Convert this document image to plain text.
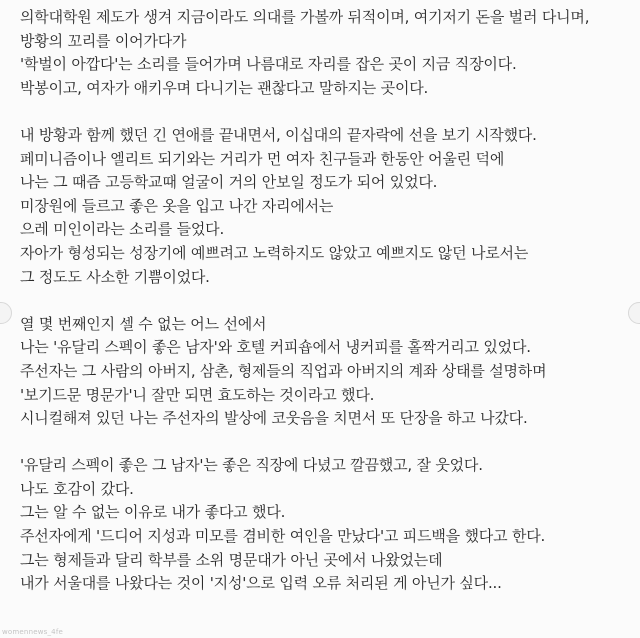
의학대학원 제도가 생겨 지금이라도 의대를 가볼까 뒤적이며, 여기저기 돈을 벌러 다니며,
방황의 꼬리를 이어가다가
'학벌이 아깝다'는 소리를 들어가며 나름대로 자리를 잡은 곳이 지금 직장이다.
박봉이고, 여자가 애키우며 다니기는 괜찮다고 말하지는 곳이다.
내 방황과 함께 했던 긴 연애를 끝내면서, 이십대의 끝자락에 선을 보기 시작했다.
페미니즘이나 엘리트 되기와는 거리가 먼 여자 친구들과 한동안 어울린 덕에
나는 그 때즘 고등학교때 얼굴이 거의 안보일 정도가 되어 있었다.
미장원에 들르고 좋은 옷을 입고 나간 자리에서는
으레 미인이라는 소리를 들었다.
자아가 형성되는 성장기에 예쁘려고 노력하지도 않았고 예쁘지도 않던 나로서는
그 정도도 사소한 기쁨이었다.
열 몇 번째인지 셀 수 없는 어느 선에서
나는 '유달리 스펙이 좋은 남자'와 호텔 커피숍에서 냉커피를 홀짝거리고 있었다.
주선자는 그 사람의 아버지, 삼촌, 형제들의 직업과 아버지의 계좌 상태를 설명하며
'보기드문 명문가'니 잘만 되면 효도하는 것이라고 했다.
시니컬해져 있던 나는 주선자의 발상에 코웃음을 치면서 또 단장을 하고 나갔다.
'유달리 스펙이 좋은 그 남자'는 좋은 직장에 다녔고 깔끔했고, 잘 웃었다.
나도 호감이 갔다.
그는 알 수 없는 이유로 내가 좋다고 했다.
주선자에게 '드디어 지성과 미모를 겸비한 여인을 만났다'고 피드백을 했다고 한다.
그는 형제들과 달리 학부를 소위 명문대가 아닌 곳에서 나왔었는데
내가 서울대를 나왔다는 것이 '지성'으로 입력 오류 처리된 게 아닌가 싶다...
womennews_4fe
